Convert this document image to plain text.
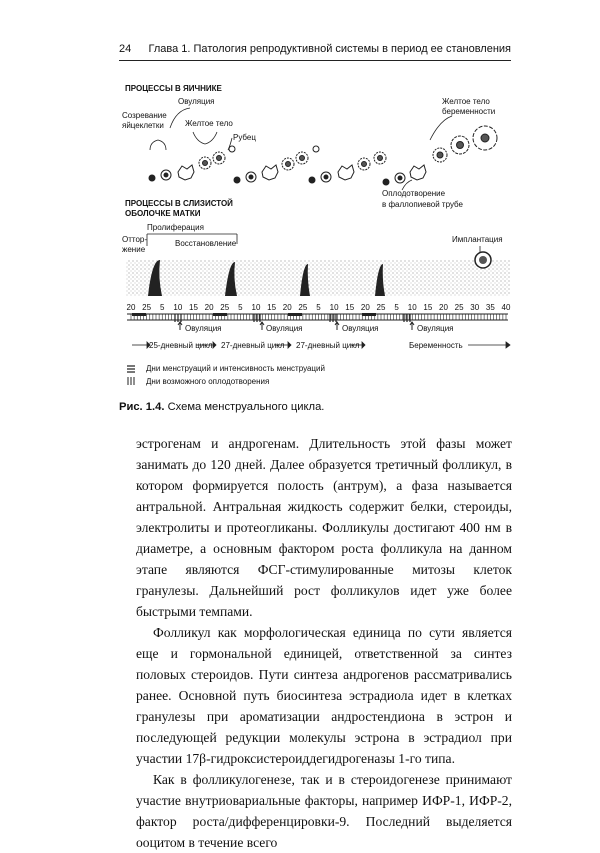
24 Глава 1. Патология репродуктивной системы в период ее становления
ПРОЦЕССЫ В ЯИЧНИКЕ
Овуляция
Созревание
яйцеклетки	Желтое тело
Рубец
Желтое тело
беременности
Оплодотворение
в фаллопиевой трубе
ПРОЦЕССЫ В СЛИЗИСТОЙ
ОБОЛОЧКЕ МАТКИ
Пролиферация
Оттор-
жение
Восстановление	Имплантация
20 25 5 10 15 20 25 5 10 15 20 25 5 10 15 20 25 5 10 15 20 25 30 35 40
Овуляция	Овуляция	Овуляция	Овуляция
25-дневный цикл 27-дневный цикл 27-дневный цикл	Беременность
Дни менструаций и интенсивность менструаций
Дни возможного оплодотворения
Рис. 1.4. Схема менструального цикла.

эстрогенам и андрогенам. Длительность этой фазы может занимать до 120 дней. Далее образуется третичный фолликул, в котором формируется полость (антрум), а фаза называется антральной. Антральная жидкость содержит белки, стероиды, электролиты и протеогликаны. Фолликулы достигают 400 нм в диаметре, а основным фактором роста фолликула на данном этапе являются ФСГ-стимулированные митозы клеток гранулезы. Дальнейший рост фолликулов идет уже более быстрыми темпами.

Фолликул как морфологическая единица по сути является еще и гормональной единицей, ответственной за синтез половых стероидов. Пути синтеза андрогенов рассматривались ранее. Основной путь биосинтеза эстрадиола идет в клетках гранулезы при ароматизации андростендиона в эстрон и последующей редукции молекулы эстрона в эстрадиол при участии 17β-гидроксистероиддегидрогеназы 1-го типа.

Как в фолликулогенезе, так и в стероидогенезе принимают участие внутриовариальные факторы, например ИФР-1, ИФР-2, фактор роста/дифференцировки-9. Последний выделяется ооцитом в течение всего
